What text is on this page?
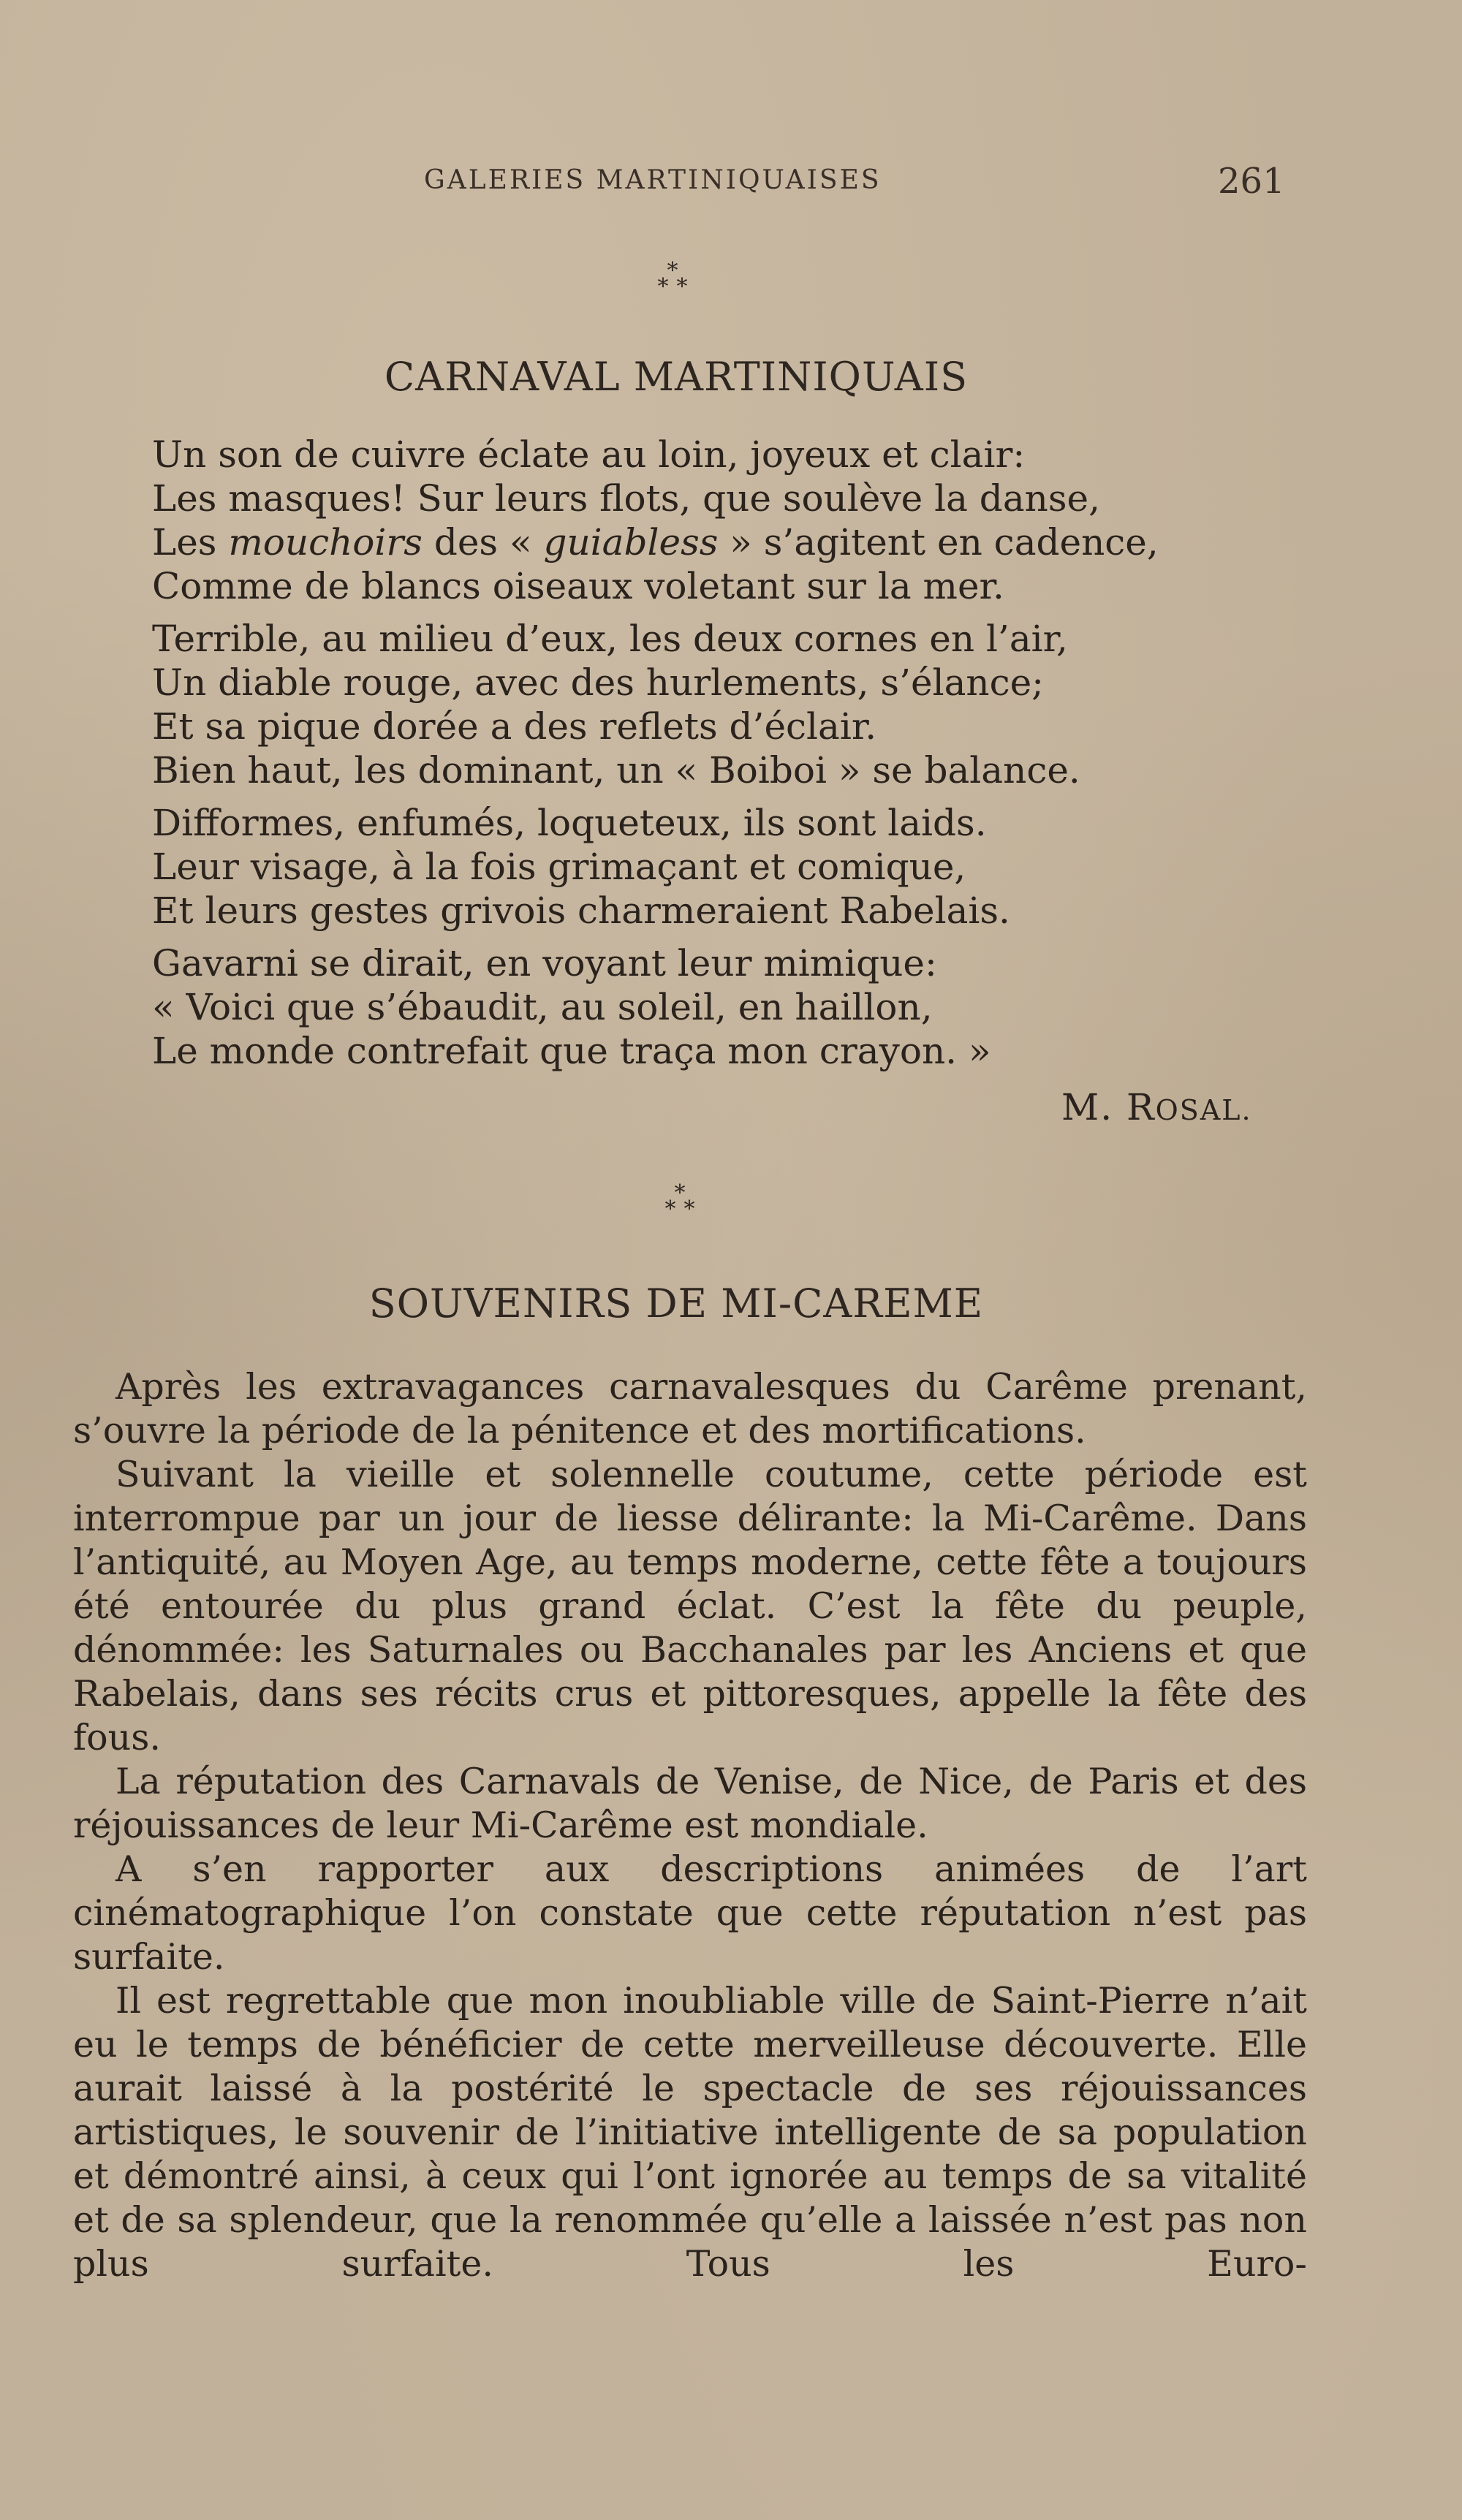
GALERIES MARTINIQUAISES	261
*
* *
CARNAVAL MARTINIQUAIS
Un son de cuivre éclate au loin, joyeux et clair:
Les masques! Sur leurs flots, que soulève la danse,
Les mouchoirs des « guiabless » s’agitent en cadence,
Comme de blancs oiseaux voletant sur la mer.
Terrible, au milieu d’eux, les deux cornes en l’air,
Un diable rouge, avec des hurlements, s’élance;
Et sa pique dorée a des reflets d’éclair.
Bien haut, les dominant, un « Boiboi » se balance.
Difformes, enfumés, loqueteux, ils sont laids.
Leur visage, à la fois grimaçant et comique,
Et leurs gestes grivois charmeraient Rabelais.
Gavarni se dirait, en voyant leur mimique:
« Voici que s’ébaudit, au soleil, en haillon,
Le monde contrefait que traça mon crayon. »
M. ROSAL.
*
* *
SOUVENIRS DE MI-CAREME

Après les extravagances carnavalesques du Carême prenant, s’ouvre la période de la pénitence et des mortifications.

Suivant la vieille et solennelle coutume, cette période est interrompue par un jour de liesse délirante: la Mi-Carême. Dans l’antiquité, au Moyen Age, au temps moderne, cette fête a toujours été entourée du plus grand éclat. C’est la fête du peuple, dénommée: les Saturnales ou Bacchanales par les Anciens et que Rabelais, dans ses récits crus et pittoresques, appelle la fête des fous.

La réputation des Carnavals de Venise, de Nice, de Paris et des réjouissances de leur Mi-Carême est mondiale.

A s’en rapporter aux descriptions animées de l’art cinématographique l’on constate que cette réputation n’est pas surfaite.

Il est regrettable que mon inoubliable ville de Saint-Pierre n’ait eu le temps de bénéficier de cette merveilleuse découverte. Elle aurait laissé à la postérité le spectacle de ses réjouissances artistiques, le souvenir de l’initiative intelligente de sa population et démontré ainsi, à ceux qui l’ont ignorée au temps de sa vitalité et de sa splendeur, que la renommée qu’elle a laissée n’est pas non plus surfaite. Tous les Euro-
